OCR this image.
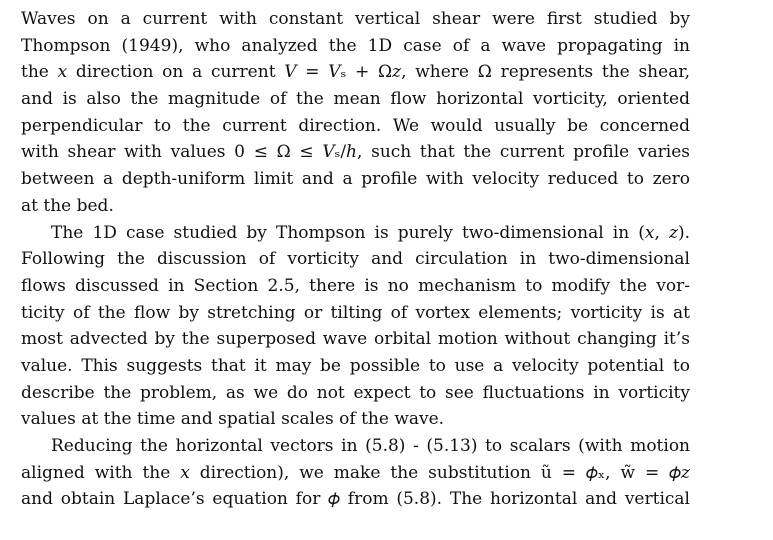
Waves on a current with constant vertical shear were first studied by
Thompson (1949), who analyzed the 1D case of a wave propagating in
the 𝑥 direction on a current 𝑉 = 𝑉ₛ + Ω𝑧, where Ω represents the shear,
and is also the magnitude of the mean flow horizontal vorticity, oriented
perpendicular to the current direction. We would usually be concerned
with shear with values 0 ≤ Ω ≤ 𝑉ₛ/ℎ, such that the current profile varies
between a depth-uniform limit and a profile with velocity reduced to zero
at the bed.

The 1D case studied by Thompson is purely two-dimensional in (𝑥, 𝑧).
Following the discussion of vorticity and circulation in two-dimensional
flows discussed in Section 2.5, there is no mechanism to modify the vor-
ticity of the flow by stretching or tilting of vortex elements; vorticity is at
most advected by the superposed wave orbital motion without changing it’s
value. This suggests that it may be possible to use a velocity potential to
describe the problem, as we do not expect to see fluctuations in vorticity
values at the time and spatial scales of the wave.

Reducing the horizontal vectors in (5.8) - (5.13) to scalars (with motion
aligned with the 𝑥 direction), we make the substitution ũ = 𝜙ₓ, w̃ = 𝜙𝑧
and obtain Laplace’s equation for 𝜙 from (5.8). The horizontal and vertical
